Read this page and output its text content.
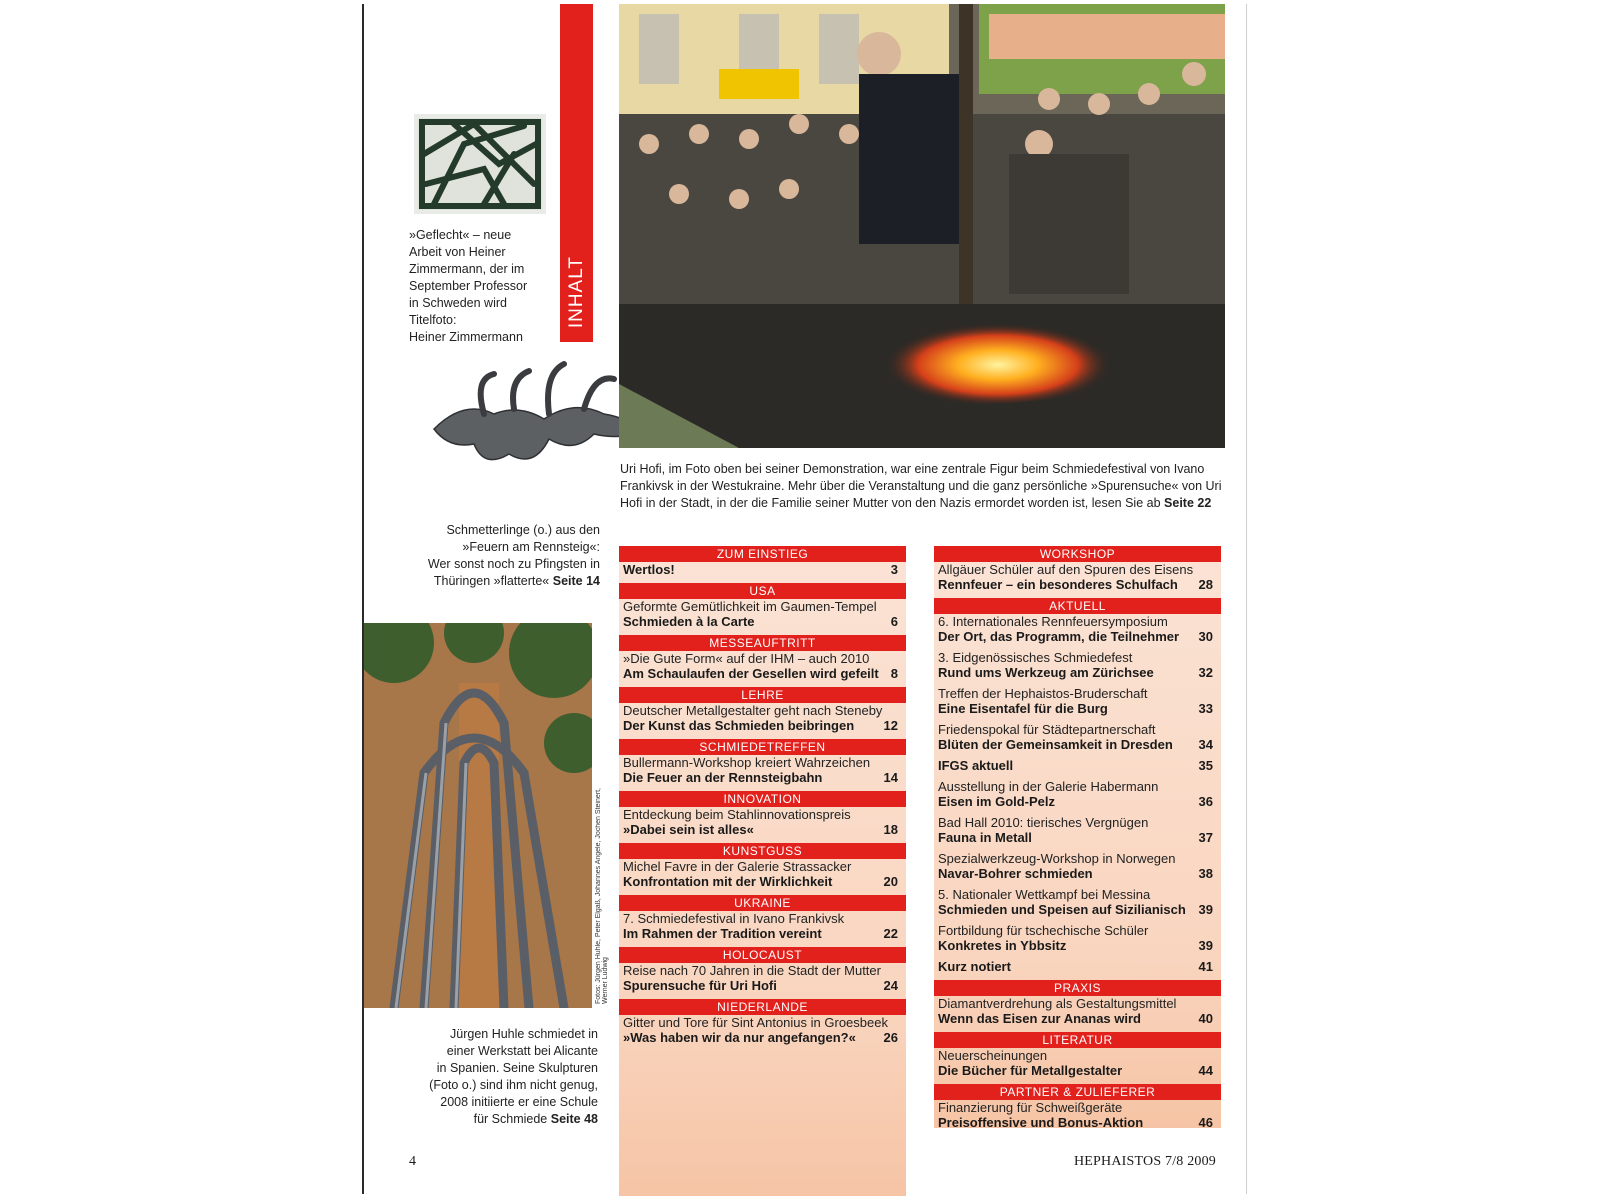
INHALT
»Geflecht« – neue
Arbeit von Heiner
Zimmermann, der im
September Professor
in Schweden wird
Titelfoto:
Heiner Zimmermann
Schmetterlinge (o.) aus den
»Feuern am Rennsteig«:
Wer sonst noch zu Pfingsten in
Thüringen »flatterte« Seite 14
Uri Hofi, im Foto oben bei seiner Demonstration, war eine zentrale Figur beim Schmiedefestival von Ivano Frankivsk in der Westukraine. Mehr über die Veranstaltung und die ganz persönliche »Spurensuche« von Uri Hofi in der Stadt, in der die Familie seiner Mutter von den Nazis ermordet worden ist, lesen Sie ab Seite 22
Fotos: Jürgen Huhle, Peter Elgaß, Johannes Angele, Jochen Steinert, Werner Ludwig
Jürgen Huhle schmiedet in
einer Werkstatt bei Alicante
in Spanien. Seine Skulpturen
(Foto o.) sind ihm nicht genug,
2008 initiierte er eine Schule
für Schmiede Seite 48
ZUM EINSTIEG
Wertlos!	3
USA
Geformte Gemütlichkeit im Gaumen-Tempel
Schmieden à la Carte	6
MESSEAUFTRITT
»Die Gute Form« auf der IHM – auch 2010
Am Schaulaufen der Gesellen wird gefeilt 8
LEHRE
Deutscher Metallgestalter geht nach Steneby
Der Kunst das Schmieden beibringen 12
SCHMIEDETREFFEN
Bullermann-Workshop kreiert Wahrzeichen
Die Feuer an der Rennsteigbahn	14
INNOVATION
Entdeckung beim Stahlinnovationspreis
»Dabei sein ist alles«	18
KUNSTGUSS
Michel Favre in der Galerie Strassacker
Konfrontation mit der Wirklichkeit	20
UKRAINE
7. Schmiedefestival in Ivano Frankivsk
Im Rahmen der Tradition vereint	22
HOLOCAUST
Reise nach 70 Jahren in die Stadt der Mutter
Spurensuche für Uri Hofi	24
NIEDERLANDE
Gitter und Tore für Sint Antonius in Groesbeek
»Was haben wir da nur angefangen?« 26
WORKSHOP
Allgäuer Schüler auf den Spuren des Eisens
Rennfeuer – ein besonderes Schulfach 28
AKTUELL
6. Internationales Rennfeuersymposium
Der Ort, das Programm, die Teilnehmer 30
3. Eidgenössisches Schmiedefest
Rund ums Werkzeug am Zürichsee	32
Treffen der Hephaistos-Bruderschaft
Eine Eisentafel für die Burg	33
Friedenspokal für Städtepartnerschaft
Blüten der Gemeinsamkeit in Dresden 34
IFGS aktuell	35
Ausstellung in der Galerie Habermann
Eisen im Gold-Pelz	36
Bad Hall 2010: tierisches Vergnügen
Fauna in Metall	37
Spezialwerkzeug-Workshop in Norwegen
Navar-Bohrer schmieden	38
5. Nationaler Wettkampf bei Messina
Schmieden und Speisen auf Sizilianisch 39
Fortbildung für tschechische Schüler
Konkretes in Ybbsitz	39
Kurz notiert	41
PRAXIS
Diamantverdrehung als Gestaltungsmittel
Wenn das Eisen zur Ananas wird	40
LITERATUR
Neuerscheinungen
Die Bücher für Metallgestalter	44
PARTNER & ZULIEFERER
Finanzierung für Schweißgeräte
Preisoffensive und Bonus-Aktion	46
4	HEPHAISTOS 7/8 2009
